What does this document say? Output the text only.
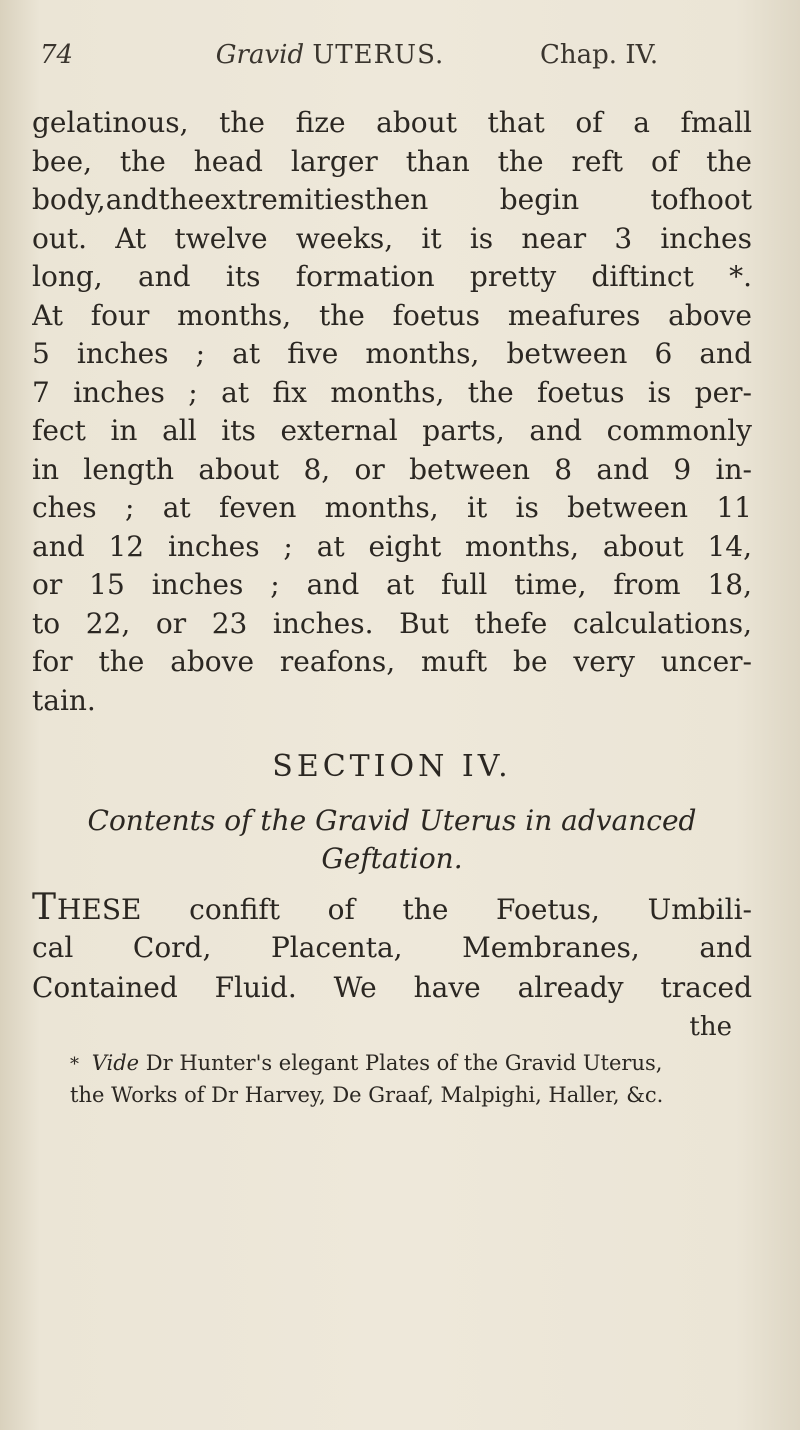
74	Gravid UTERUS.	Chap. IV.
gelatinous, the fize about that of a fmall
bee, the head larger than the reft of the
body,andtheextremitiesthen begin tofhoot
out. At twelve weeks, it is near 3 inches
long, and its formation pretty diftinct *.
At four months, the foetus meafures above
5 inches ; at five months, between 6 and
7 inches ; at fix months, the foetus is per-
fect in all its external parts, and commonly
in length about 8, or between 8 and 9 in-
ches ; at feven months, it is between 11
and 12 inches ; at eight months, about 14,
or 15 inches ; and at full time, from 18,
to 22, or 23 inches. But thefe calculations,
for the above reafons, muft be very uncer-
tain.
SECTION IV.
Contents of the Gravid Uterus in advanced
Geftation.
THESE confift of the Foetus, Umbili-
cal Cord, Placenta, Membranes, and
Contained Fluid. We have already traced
the
* Vide Dr Hunter's elegant Plates of the Gravid Uterus,
the Works of Dr Harvey, De Graaf, Malpighi, Haller, &c.
